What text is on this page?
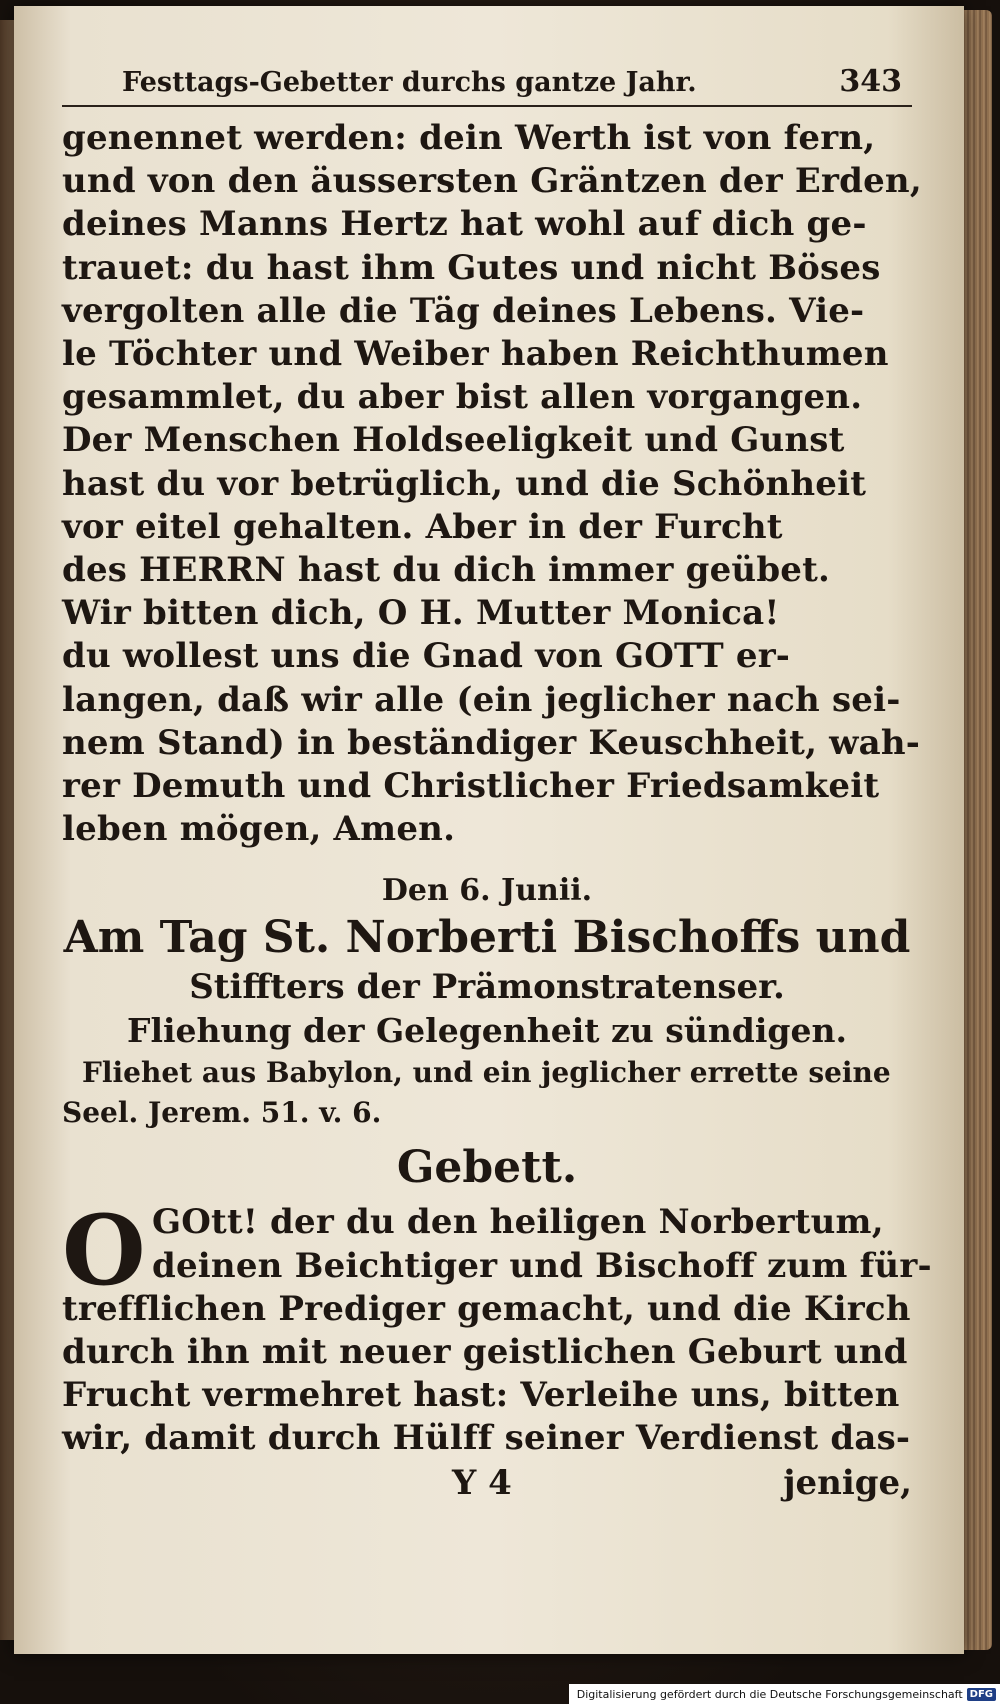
Festtags-Gebetter durchs gantze Jahr.	343
genennet werden: dein Werth ist von fern,
und von den äussersten Gräntzen der Erden,
deines Manns Hertz hat wohl auf dich ge-
trauet: du hast ihm Gutes und nicht Böses
vergolten alle die Täg deines Lebens. Vie-
le Töchter und Weiber haben Reichthumen
gesammlet, du aber bist allen vorgangen.
Der Menschen Holdseeligkeit und Gunst
hast du vor betrüglich, und die Schönheit
vor eitel gehalten. Aber in der Furcht
des HERRN hast du dich immer geübet.
Wir bitten dich, O H. Mutter Monica!
du wollest uns die Gnad von GOTT er-
langen, daß wir alle (ein jeglicher nach sei-
nem Stand) in beständiger Keuschheit, wah-
rer Demuth und Christlicher Friedsamkeit
leben mögen, Amen.
Den 6. Junii.
Am Tag St. Norberti Bischoffs und
Stiffters der Prämonstratenser.
Fliehung der Gelegenheit zu sündigen.
Fliehet aus Babylon, und ein jeglicher errette seine
Seel. Jerem. 51. v. 6.
Gebett.
O GOtt! der du den heiligen Norbertum,
deinen Beichtiger und Bischoff zum für-
trefflichen Prediger gemacht, und die Kirch
durch ihn mit neuer geistlichen Geburt und
Frucht vermehret hast: Verleihe uns, bitten
wir, damit durch Hülff seiner Verdienst das-
Y 4	jenige,
Digitalisierung gefördert durch die Deutsche Forschungsgemeinschaft DFG
